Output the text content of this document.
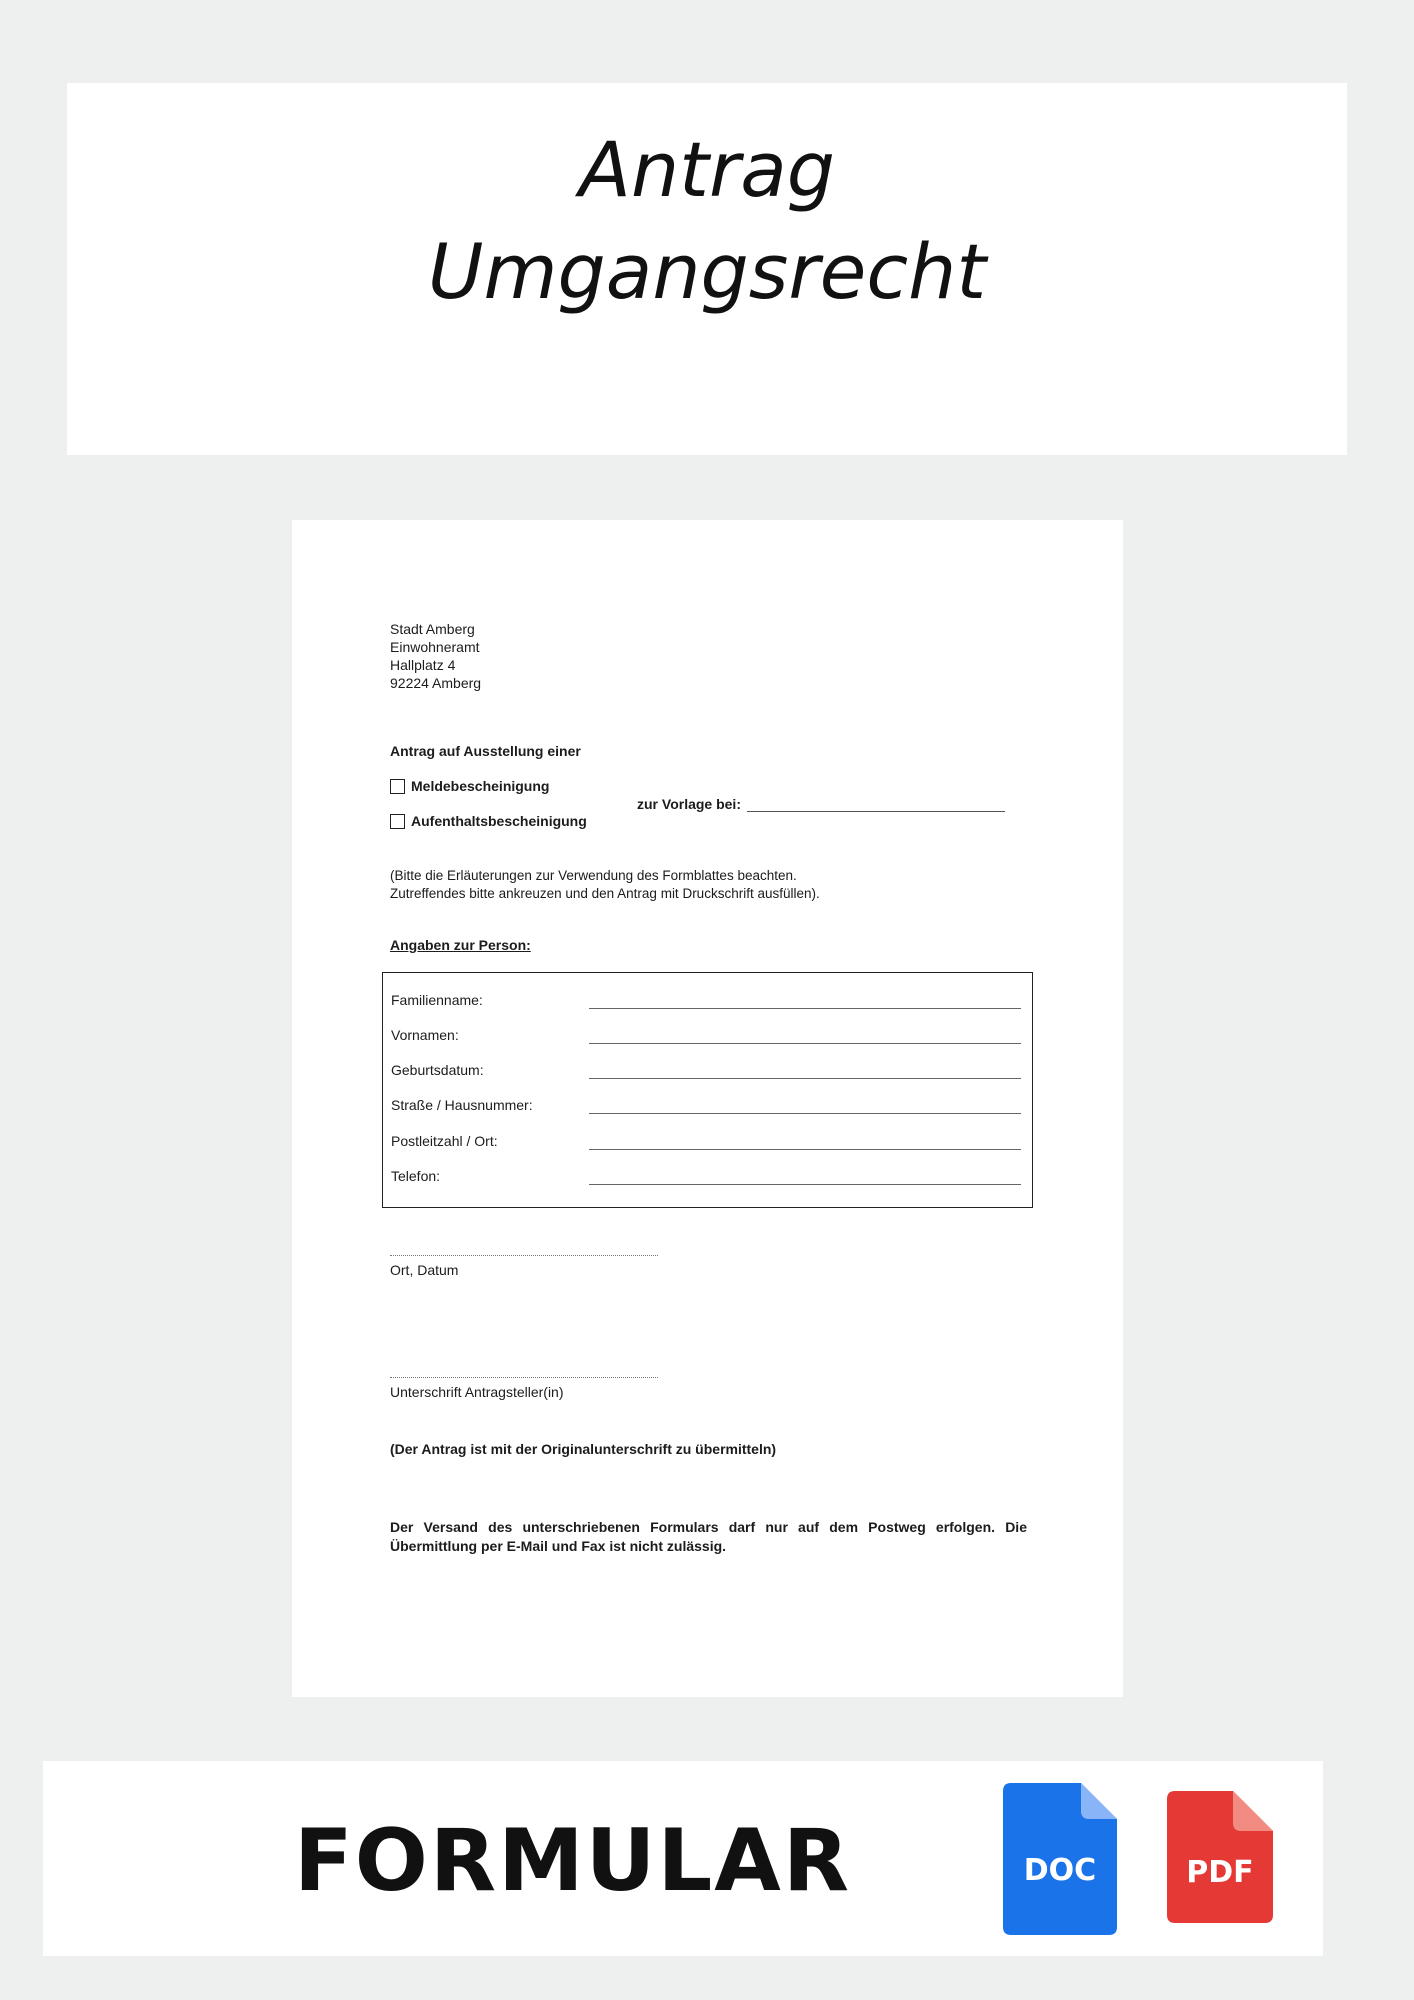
Antrag
Umgangsrecht
Stadt Amberg
Einwohneramt
Hallplatz 4
92224 Amberg
Antrag auf Ausstellung einer
Meldebescheinigung
Aufenthaltsbescheinigung
zur Vorlage bei:
(Bitte die Erläuterungen zur Verwendung des Formblattes beachten.
Zutreffendes bitte ankreuzen und den Antrag mit Druckschrift ausfüllen).
Angaben zur Person:
Familienname:
Vornamen:
Geburtsdatum:
Straße / Hausnummer:
Postleitzahl / Ort:
Telefon:
Ort, Datum
Unterschrift Antragsteller(in)
(Der Antrag ist mit der Originalunterschrift zu übermitteln)
Der Versand des unterschriebenen Formulars darf nur auf dem Postweg erfolgen. Die Übermittlung per E-Mail und Fax ist nicht zulässig.
FORMULAR	DOC	PDF
